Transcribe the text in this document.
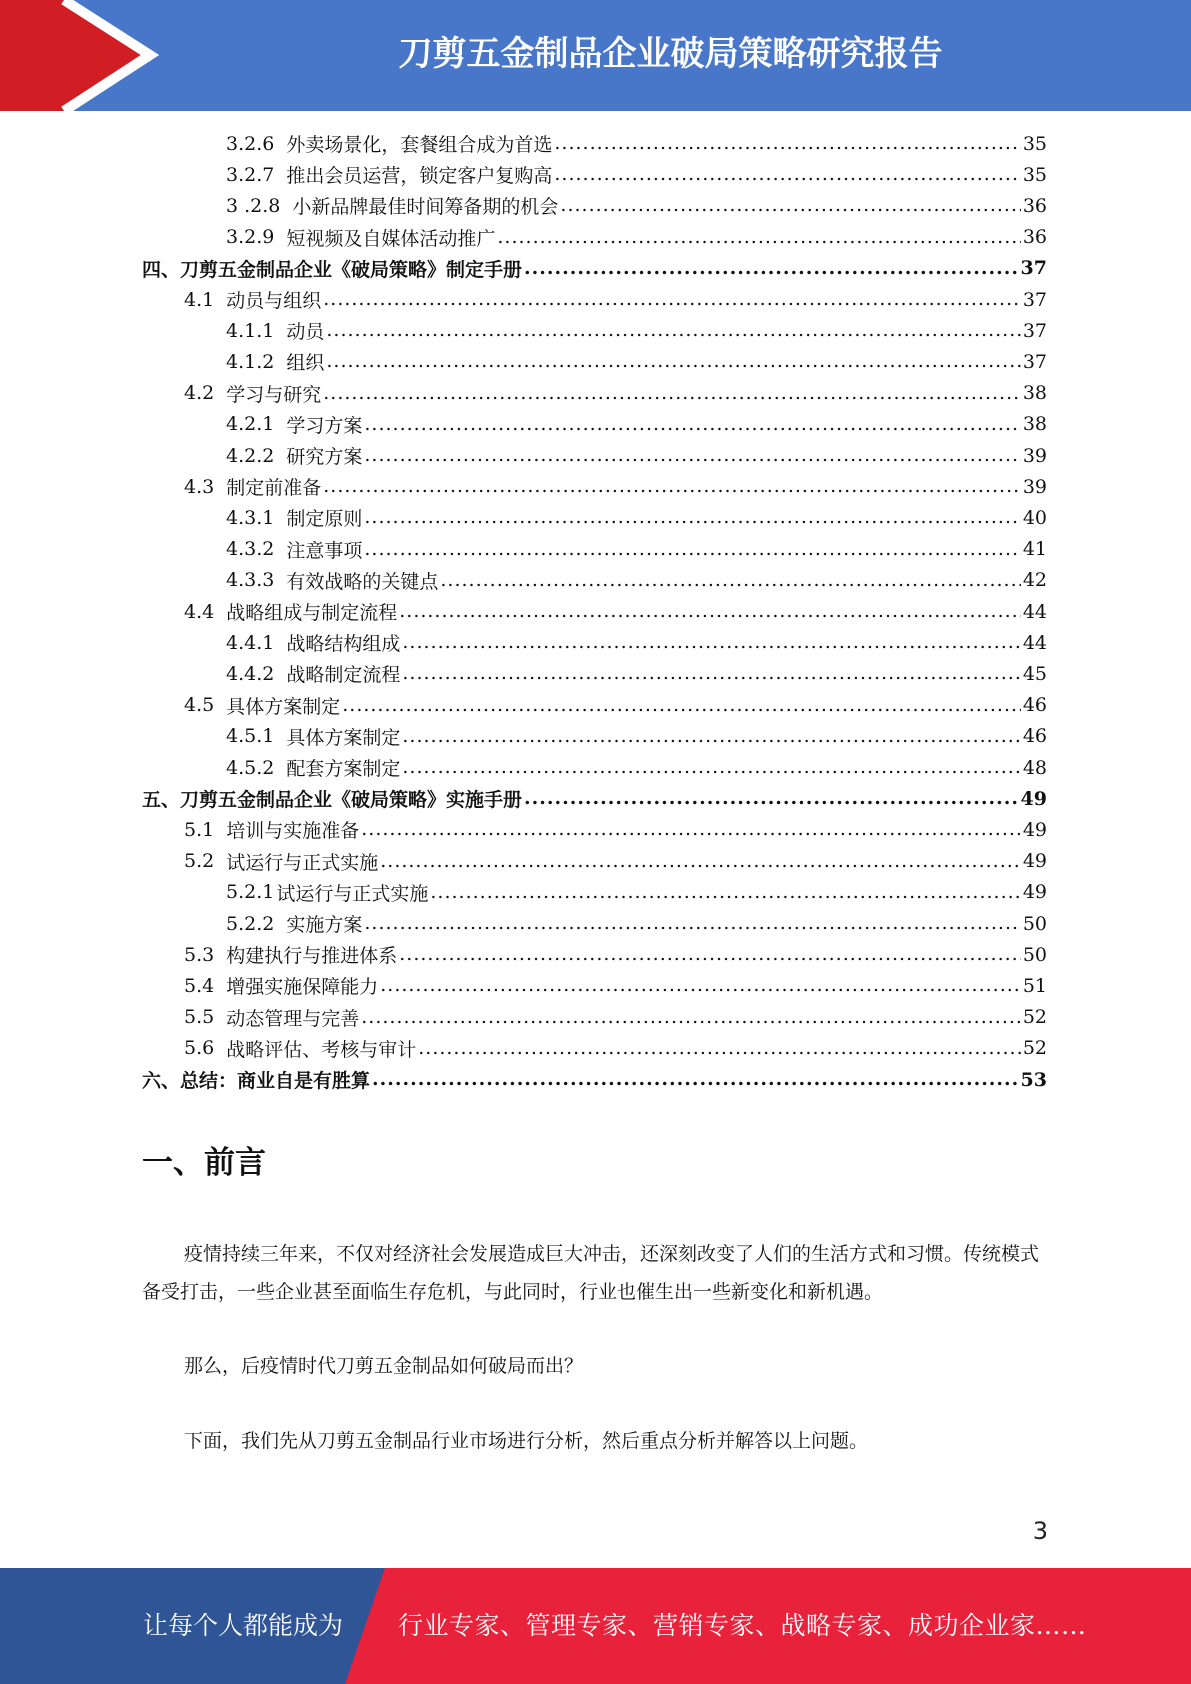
刀剪五金制品企业破局策略研究报告
3.2.6 外卖场景化，套餐组合成为首选 .....	35
3.2.7 推出会员运营，锁定客户复购高 .....	35
3 .2.8 小新品牌最佳时间筹备期的机会 .....	36
3.2.9 短视频及自媒体活动推广 .....	36
四、刀剪五金制品企业《破局策略》制定手册 .....	37
4.1 动员与组织 .....	37
4.1.1 动员 .....	37
4.1.2 组织 .....	37
4.2 学习与研究 .....	38
4.2.1 学习方案 .....	38
4.2.2 研究方案 .....	39
4.3 制定前准备 .....	39
4.3.1 制定原则 .....	40
4.3.2 注意事项 .....	41
4.3.3 有效战略的关键点 .....	42
4.4 战略组成与制定流程 .....	44
4.4.1 战略结构组成 .....	44
4.4.2 战略制定流程 .....	45
4.5 具体方案制定 .....	46
4.5.1 具体方案制定 .....	46
4.5.2 配套方案制定 .....	48
五、刀剪五金制品企业《破局策略》实施手册 .....	49
5.1 培训与实施准备 .....	49
5.2 试运行与正式实施 .....	49
5.2.1 试运行与正式实施 .....	49
5.2.2 实施方案 .....	50
5.3 构建执行与推进体系 .....	50
5.4 增强实施保障能力 .....	51
5.5 动态管理与完善 .....	52
5.6 战略评估、考核与审计 .....	52
六、总结：商业自是有胜算 .....	53
一、前言
疫情持续三年来，不仅对经济社会发展造成巨大冲击，还深刻改变了人们的生活方式和习惯。传统模式备受打击，一些企业甚至面临生存危机，与此同时，行业也催生出一些新变化和新机遇。
那么，后疫情时代刀剪五金制品如何破局而出？
下面，我们先从刀剪五金制品行业市场进行分析，然后重点分析并解答以上问题。
3
让每个人都能成为 行业专家、管理专家、营销专家、战略专家、成功企业家……
